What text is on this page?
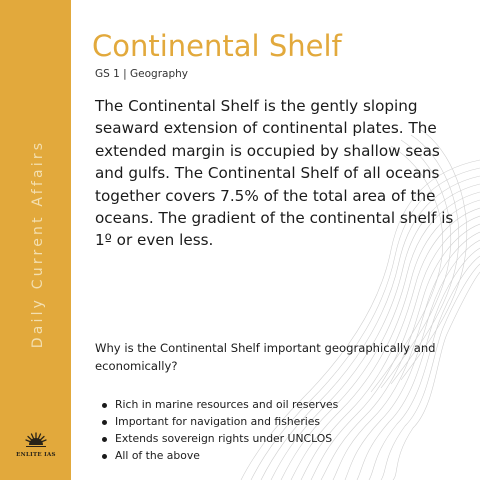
Daily Current Affairs
ENLITE IAS
Continental Shelf
GS 1 | Geography

The Continental Shelf is the gently sloping seaward extension of continental plates. The extended margin is occupied by shallow seas and gulfs. The Continental Shelf of all oceans together covers 7.5% of the total area of the oceans. The gradient of the continental shelf is 1º or even less.

Why is the Continental Shelf important geographically and economically?
Rich in marine resources and oil reserves
Important for navigation and fisheries
Extends sovereign rights under UNCLOS
All of the above
